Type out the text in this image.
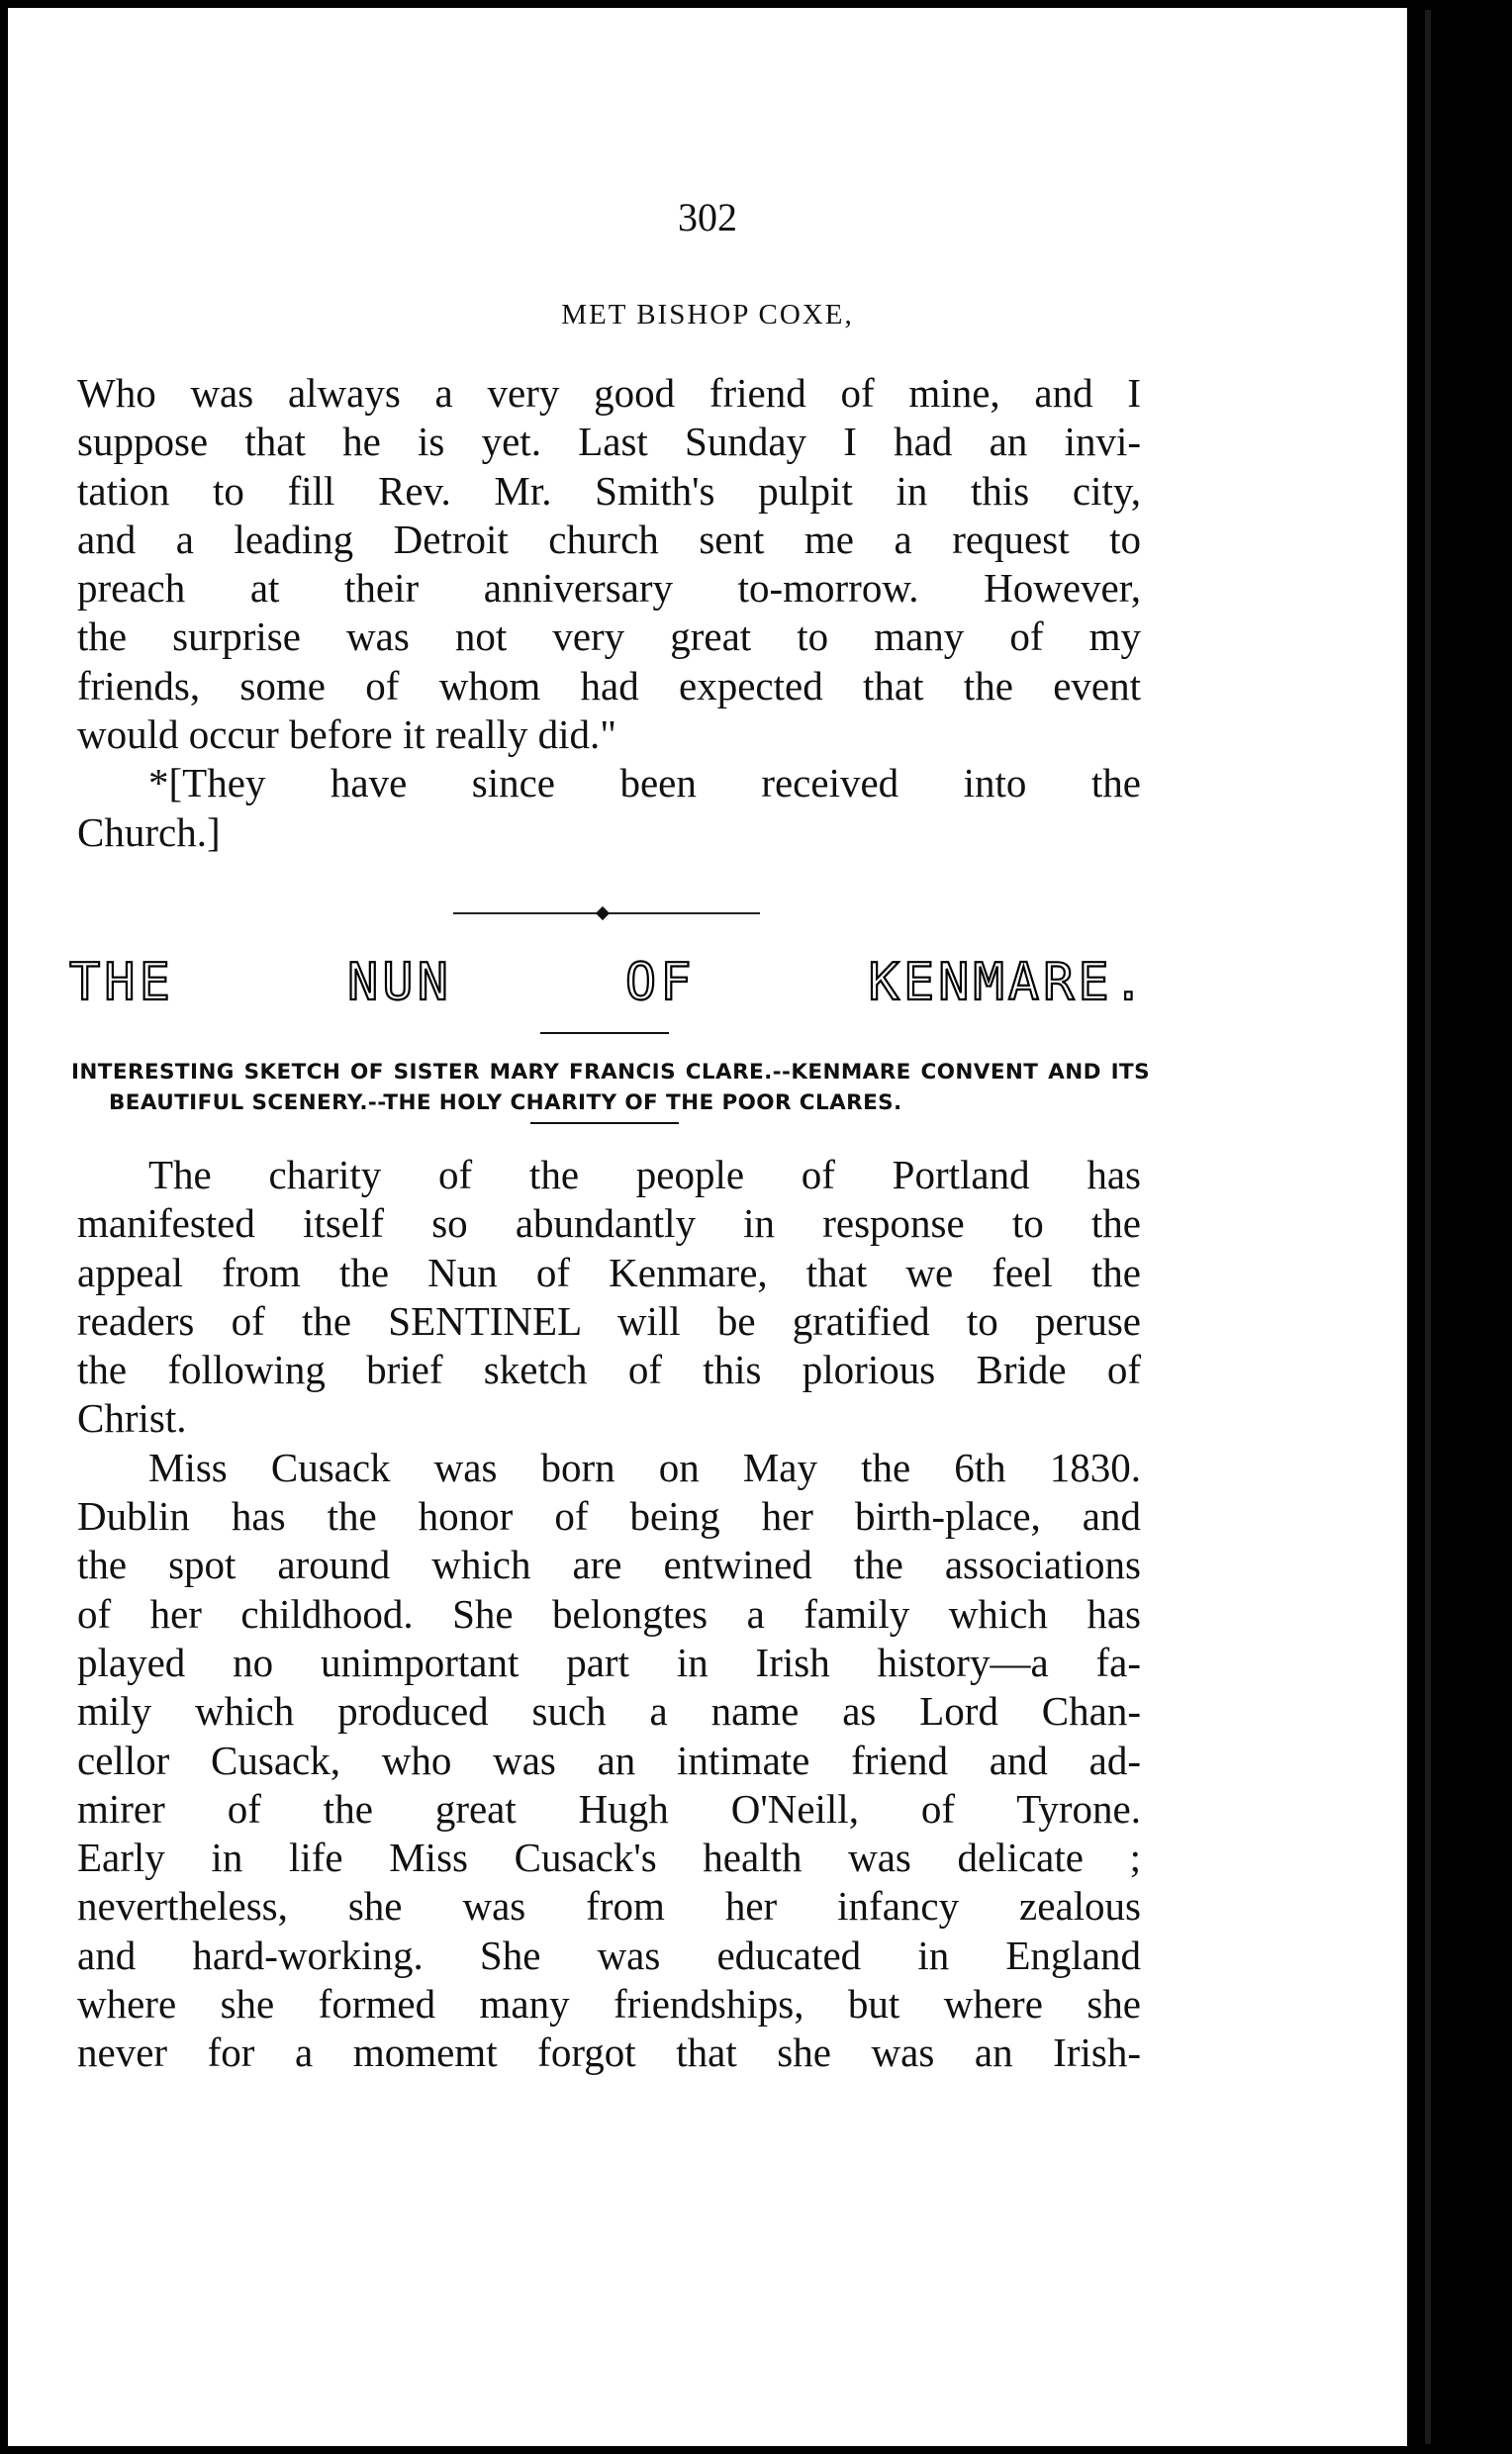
302
MET BISHOP COXE,
Who was always a very good friend of mine, and I
suppose that he is yet. Last Sunday I had an invi-
tation to fill Rev. Mr. Smith's pulpit in this city,
and a leading Detroit church sent me a request to
preach at their anniversary to-morrow. However,
the surprise was not very great to many of my
friends, some of whom had expected that the event
would occur before it really did."
*[They have since been received into the
Church.]
THE NUN OF KENMARE.
INTERESTING SKETCH OF SISTER MARY FRANCIS CLARE.--KENMARE CONVENT AND ITS
BEAUTIFUL SCENERY.--THE HOLY CHARITY OF THE POOR CLARES.
The charity of the people of Portland has
manifested itself so abundantly in response to the
appeal from the Nun of Kenmare, that we feel the
readers of the SENTINEL will be gratified to peruse
the following brief sketch of this plorious Bride of
Christ.
Miss Cusack was born on May the 6th 1830.
Dublin has the honor of being her birth-place, and
the spot around which are entwined the associations
of her childhood. She belongtes a family which has
played no unimportant part in Irish history—a fa-
mily which produced such a name as Lord Chan-
cellor Cusack, who was an intimate friend and ad-
mirer of the great Hugh O'Neill, of Tyrone.
Early in life Miss Cusack's health was delicate ;
nevertheless, she was from her infancy zealous
and hard-working. She was educated in England
where she formed many friendships, but where she
never for a momemt forgot that she was an Irish-
